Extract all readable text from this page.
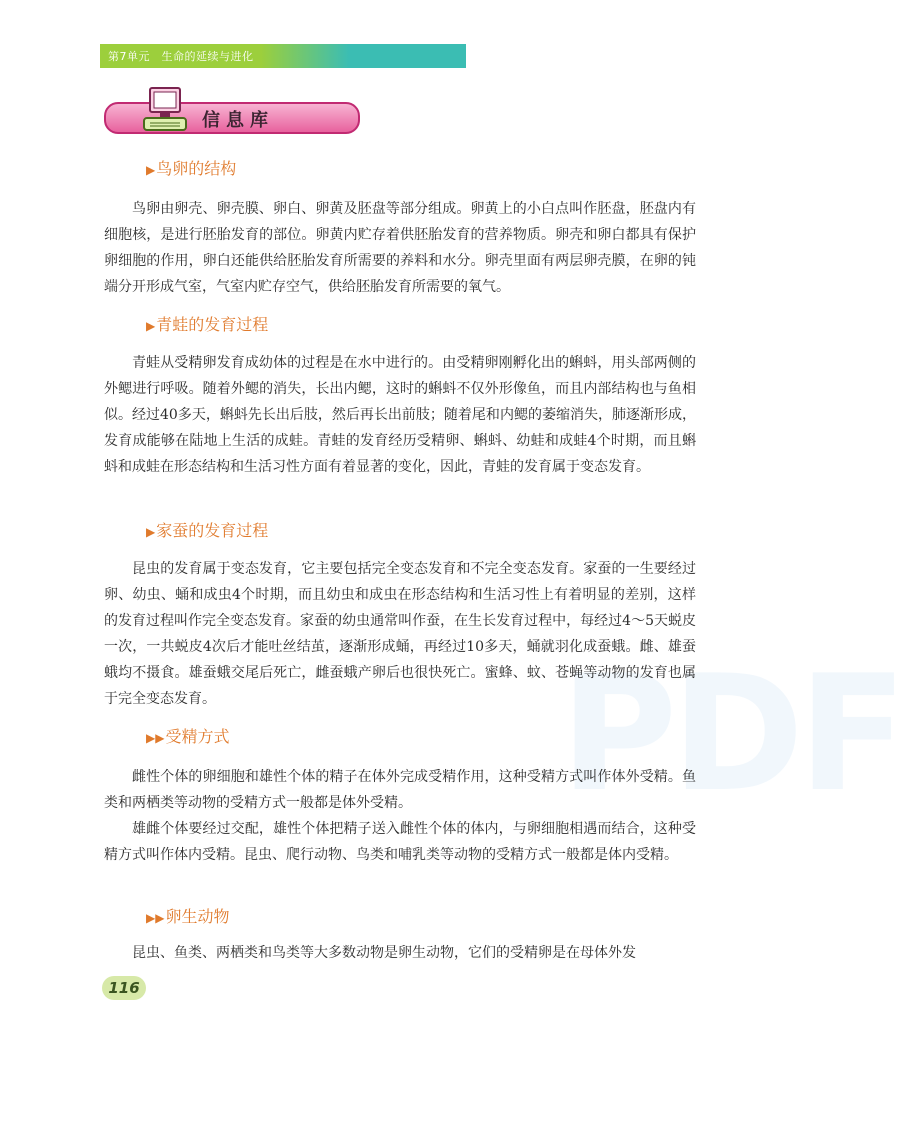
第7单元　生命的延续与进化
信息库
PDF
▶鸟卵的结构

鸟卵由卵壳、卵壳膜、卵白、卵黄及胚盘等部分组成。卵黄上的小白点叫作胚盘，胚盘内有细胞核，是进行胚胎发育的部位。卵黄内贮存着供胚胎发育的营养物质。卵壳和卵白都具有保护卵细胞的作用，卵白还能供给胚胎发育所需要的养料和水分。卵壳里面有两层卵壳膜，在卵的钝端分开形成气室，气室内贮存空气，供给胚胎发育所需要的氧气。

▶青蛙的发育过程

青蛙从受精卵发育成幼体的过程是在水中进行的。由受精卵刚孵化出的蝌蚪，用头部两侧的外鳃进行呼吸。随着外鳃的消失，长出内鳃，这时的蝌蚪不仅外形像鱼，而且内部结构也与鱼相似。经过40多天，蝌蚪先长出后肢，然后再长出前肢；随着尾和内鳃的萎缩消失，肺逐渐形成，发育成能够在陆地上生活的成蛙。青蛙的发育经历受精卵、蝌蚪、幼蛙和成蛙4个时期，而且蝌蚪和成蛙在形态结构和生活习性方面有着显著的变化，因此，青蛙的发育属于变态发育。

▶家蚕的发育过程

昆虫的发育属于变态发育，它主要包括完全变态发育和不完全变态发育。家蚕的一生要经过卵、幼虫、蛹和成虫4个时期，而且幼虫和成虫在形态结构和生活习性上有着明显的差别，这样的发育过程叫作完全变态发育。家蚕的幼虫通常叫作蚕，在生长发育过程中，每经过4～5天蜕皮一次，一共蜕皮4次后才能吐丝结茧，逐渐形成蛹，再经过10多天，蛹就羽化成蚕蛾。雌、雄蚕蛾均不摄食。雄蚕蛾交尾后死亡，雌蚕蛾产卵后也很快死亡。蜜蜂、蚊、苍蝇等动物的发育也属于完全变态发育。

▶▶受精方式

雌性个体的卵细胞和雄性个体的精子在体外完成受精作用，这种受精方式叫作体外受精。鱼类和两栖类等动物的受精方式一般都是体外受精。

雄雌个体要经过交配，雄性个体把精子送入雌性个体的体内，与卵细胞相遇而结合，这种受精方式叫作体内受精。昆虫、爬行动物、鸟类和哺乳类等动物的受精方式一般都是体内受精。

▶▶卵生动物

昆虫、鱼类、两栖类和鸟类等大多数动物是卵生动物，它们的受精卵是在母体外发

116
